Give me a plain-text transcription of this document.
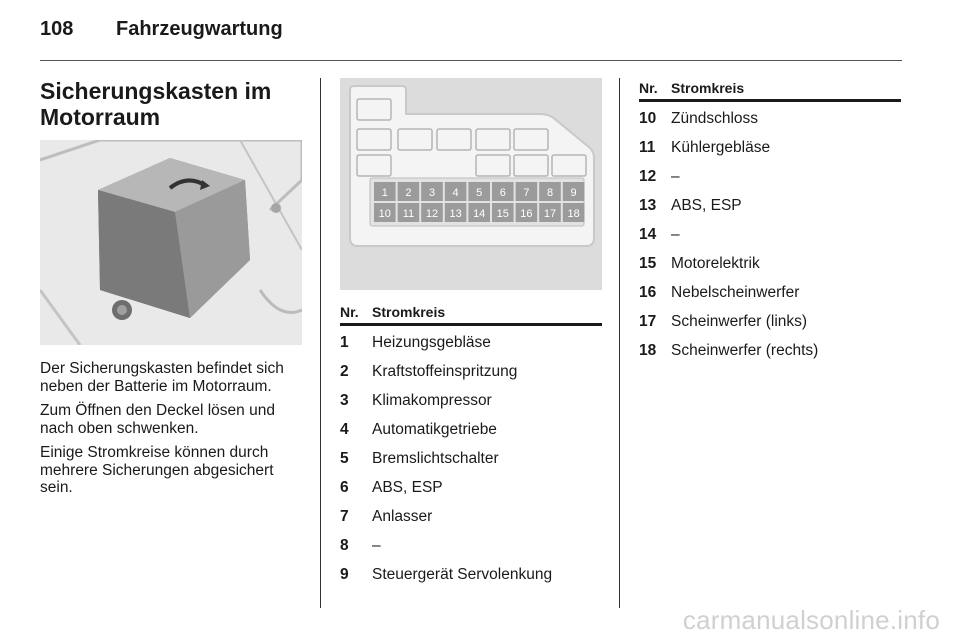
108 Fahrzeugwartung
Sicherungskasten im Motorraum

Der Sicherungskasten befindet sich neben der Batterie im Motorraum.

Zum Öffnen den Deckel lösen und nach oben schwenken.

Einige Stromkreise können durch mehrere Sicherungen abgesichert sein.

1 2 3 4 5 6 7 8 9
10 11 12 13 14 15 16 17 18
Nr. Stromkreis
1	Heizungsgebläse
2	Kraftstoffeinspritzung
3	Klimakompressor
4	Automatikgetriebe
5	Bremslichtschalter
6	ABS, ESP
7	Anlasser
8	–
9	Steuergerät Servolenkung
Nr. Stromkreis
10 Zündschloss
11	Kühlergebläse
12 –
13 ABS, ESP
14 –
15 Motorelektrik
16 Nebelscheinwerfer
17 Scheinwerfer (links)
18 Scheinwerfer (rechts)
carmanualsonline.info
